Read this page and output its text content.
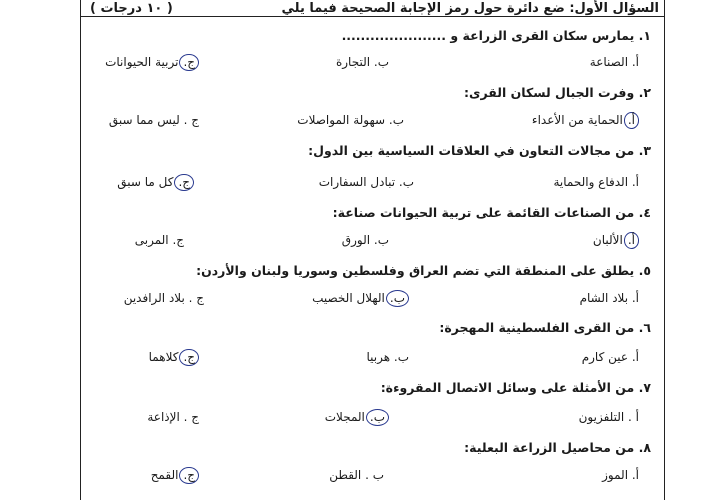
السؤال الأول: ضع دائرة حول رمز الإجابة الصحيحة فيما يلي
( ١٠ درجات )
١. يمارس سكان القرى الزراعة و ......................
أ. الصناعة
ب. التجارة
ج.تربية الحيوانات
٢. وفرت الجبال لسكان القرى:
أ.الحماية من الأعداء
ب. سهولة المواصلات
ج . ليس مما سبق
٣. من مجالات التعاون في العلاقات السياسية بين الدول:
أ. الدفاع والحماية
ب. تبادل السفارات
ج.كل ما سبق
٤. من الصناعات القائمة على تربية الحيوانات صناعة:
أ.الألبان
ب. الورق
ج. المربى
٥. يطلق على المنطقة التي تضم العراق وفلسطين وسوريا ولبنان والأردن:
أ. بلاد الشام
ب.الهلال الخصيب
ج . بلاد الرافدين
٦. من القرى الفلسطينية المهجرة:
أ. عين كارم
ب. هربيا
ج.كلاهما
٧. من الأمثلة على وسائل الاتصال المقروءة:
أ . التلفزيون
ب.المجلات
ج . الإذاعة
٨. من محاصيل الزراعة البعلية:
أ. الموز
ب . القطن
ج.القمح
